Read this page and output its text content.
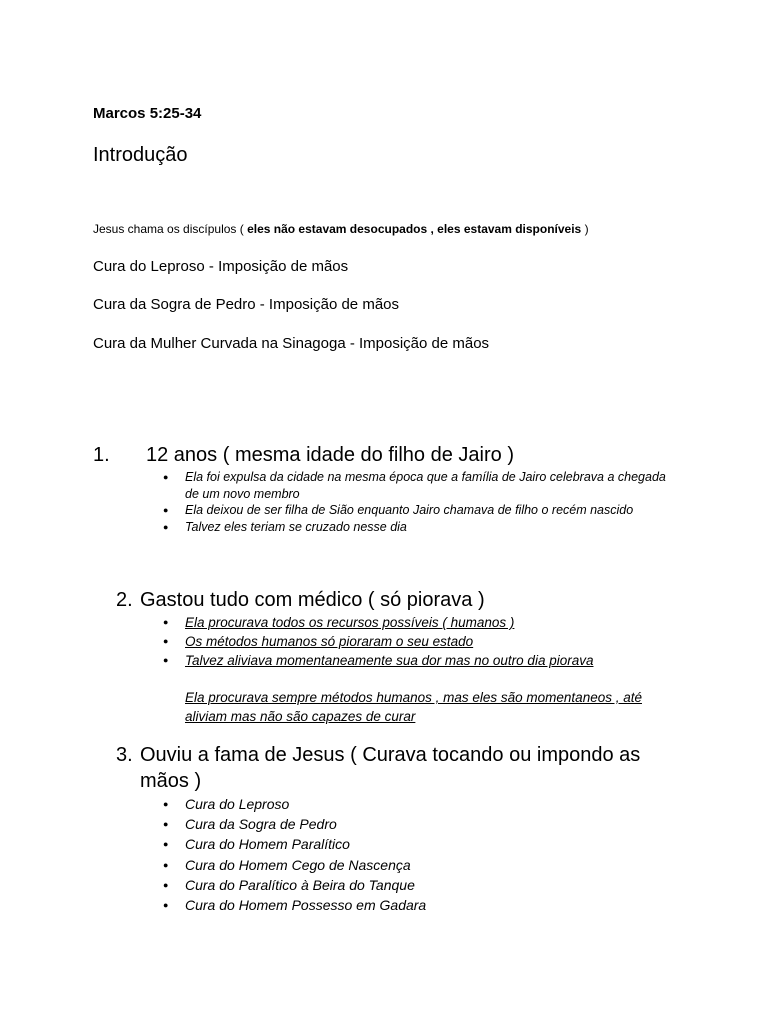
Marcos 5:25-34
Introdução
Jesus chama os discípulos ( eles não estavam desocupados , eles estavam disponíveis )
Cura do Leproso - Imposição de mãos
Cura da Sogra de Pedro - Imposição de mãos
Cura da Mulher Curvada na Sinagoga - Imposição de mãos
1. 12 anos ( mesma idade do filho de Jairo )
● Ela foi expulsa da cidade na mesma época que a família de Jairo celebrava a chegada de um novo membro
● Ela deixou de ser filha de Sião enquanto Jairo chamava de filho o recém nascido
● Talvez eles teriam se cruzado nesse dia
2. Gastou tudo com médico ( só piorava )
● Ela procurava todos os recursos possíveis ( humanos )
● Os métodos humanos só pioraram o seu estado
● Talvez aliviava momentaneamente sua dor mas no outro dia piorava
Ela procurava sempre métodos humanos , mas eles são momentaneos , até aliviam mas não são capazes de curar
3. Ouviu a fama de Jesus ( Curava tocando ou impondo as mãos )
● Cura do Leproso
● Cura da Sogra de Pedro
● Cura do Homem Paralítico
● Cura do Homem Cego de Nascença
● Cura do Paralítico à Beira do Tanque
● Cura do Homem Possesso em Gadara
